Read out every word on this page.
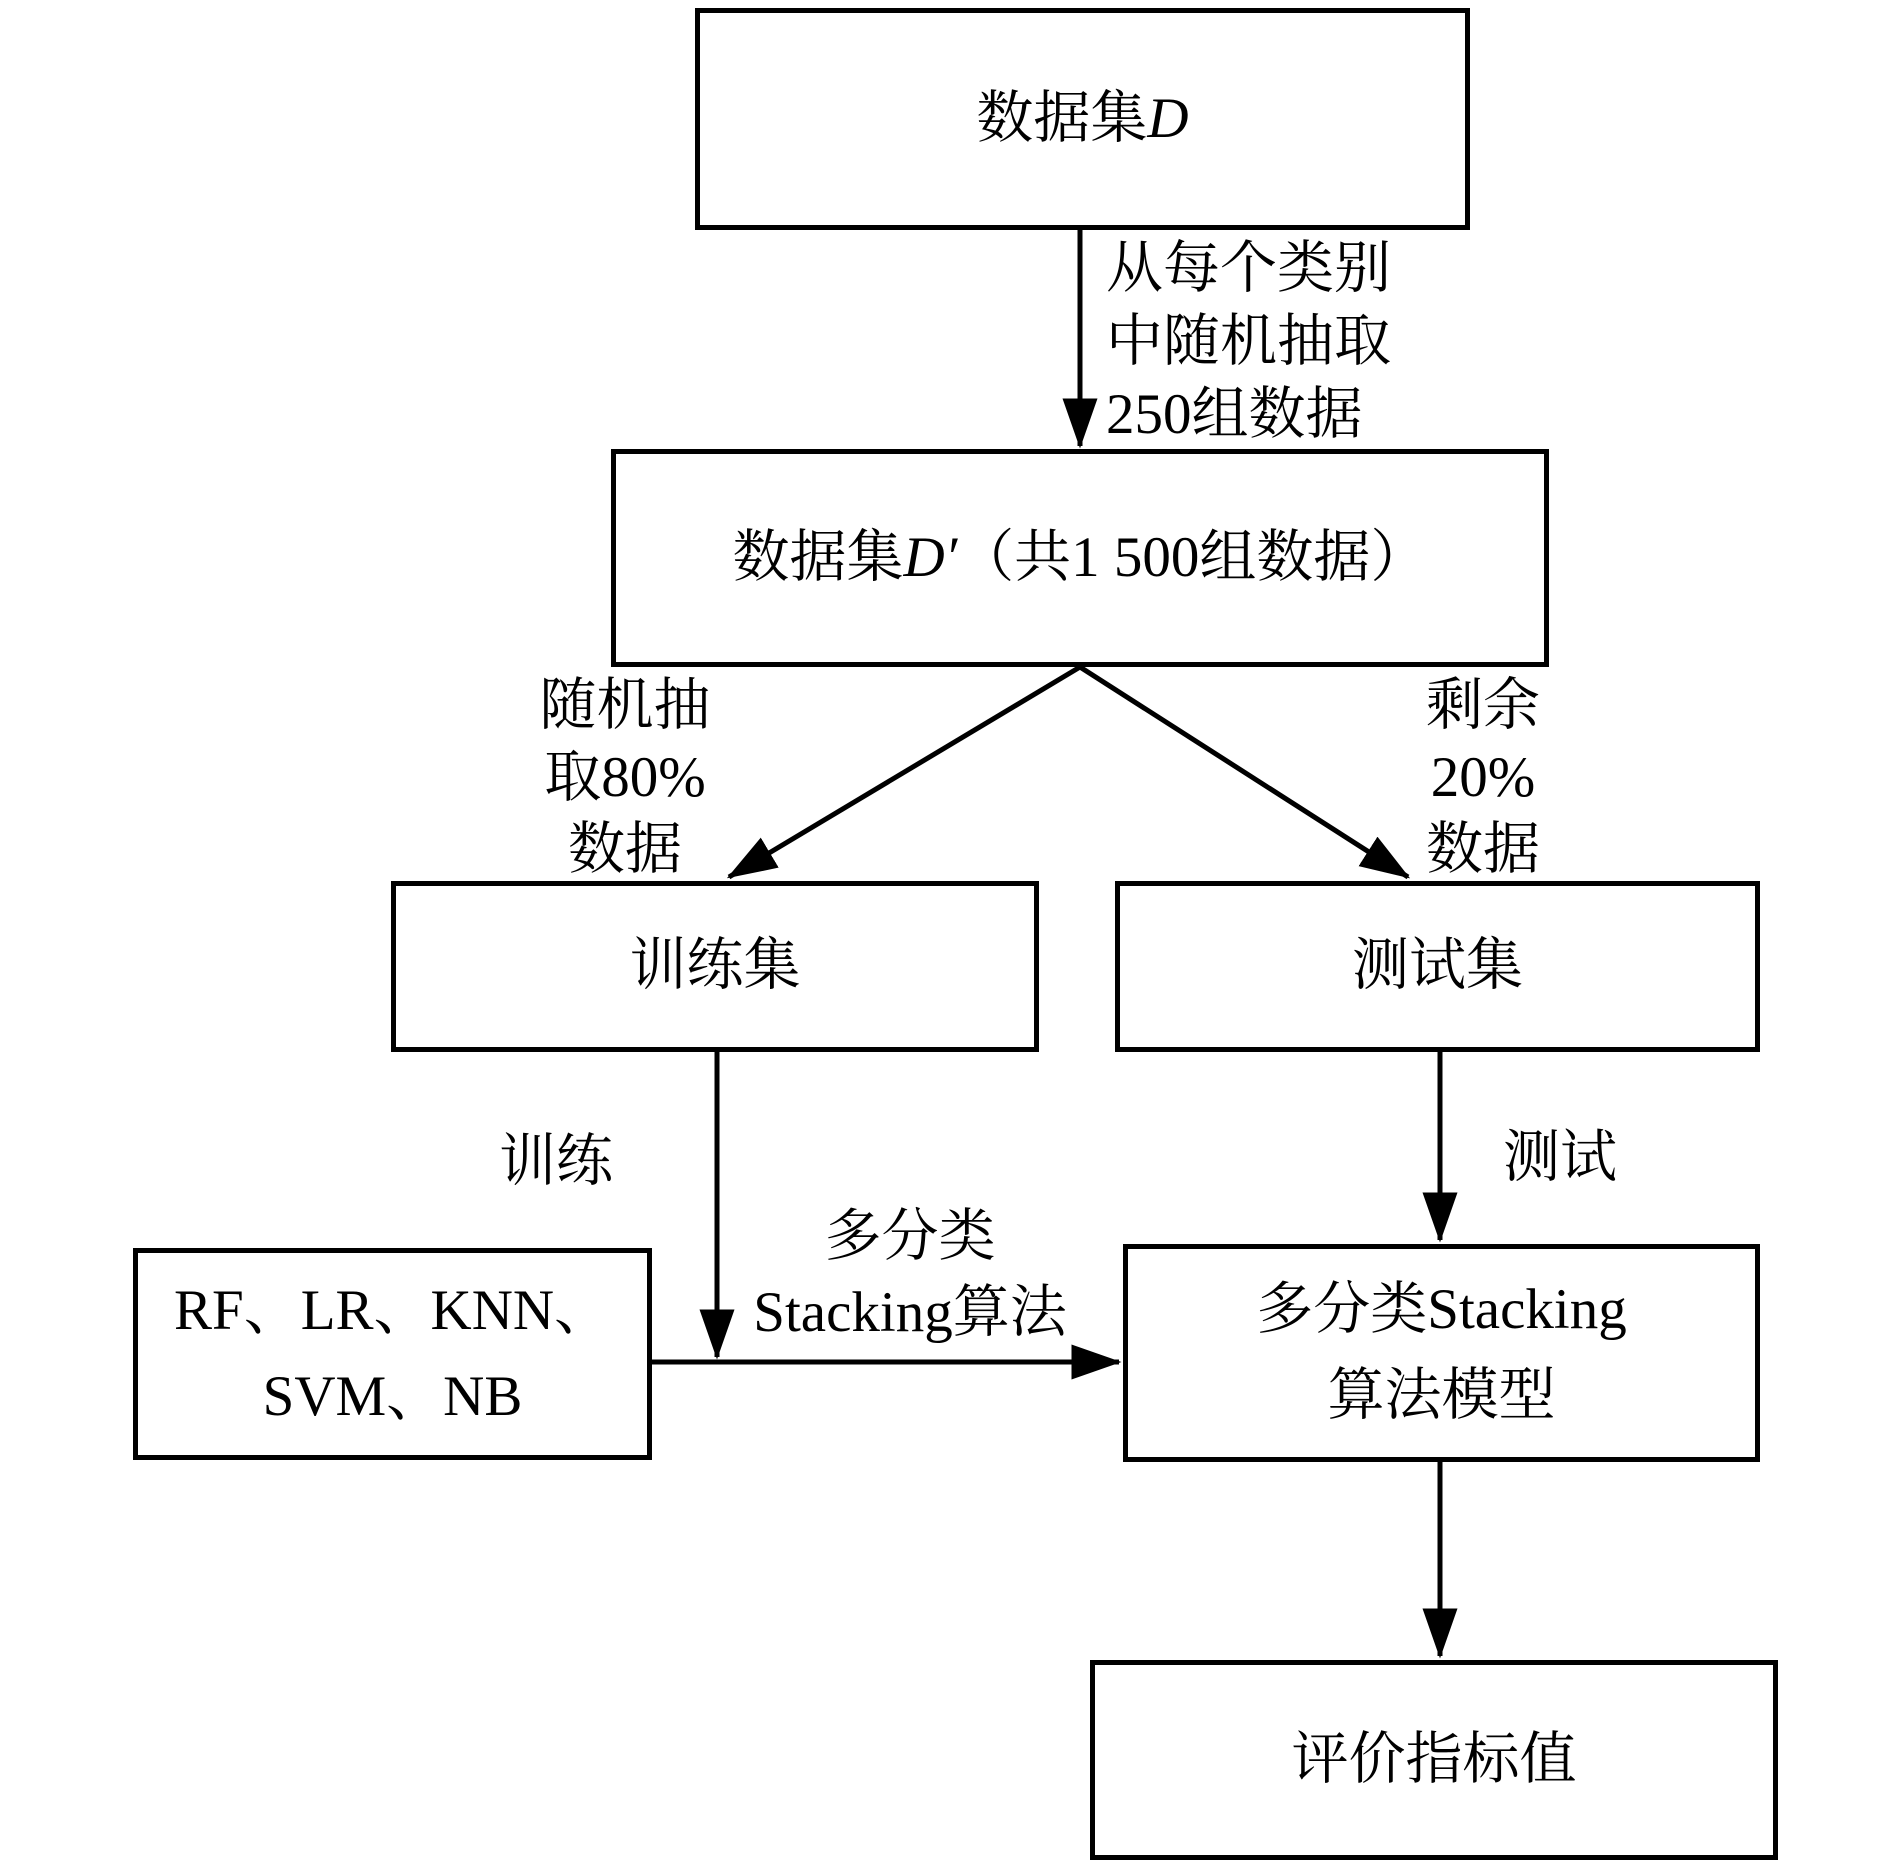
数据集D
数据集D′（共1 500组数据）
训练集	测试集
RF、LR、KNN、
SVM、NB
多分类Stacking
算法模型
评价指标值
从每个类别
中随机抽取
250组数据
随机抽
取80%
数据
剩余
20%
数据
训练	测试
多分类
Stacking算法
